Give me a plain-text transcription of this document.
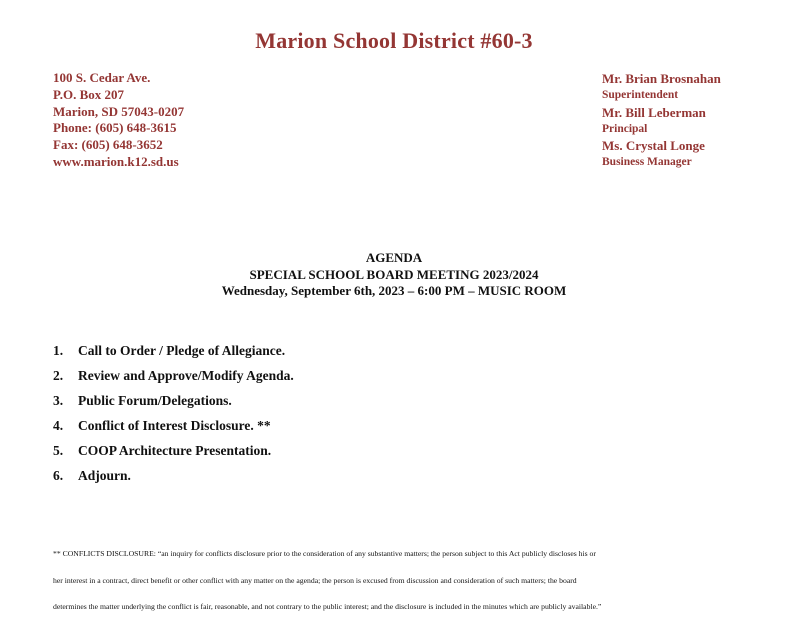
Marion School District #60-3
100 S. Cedar Ave.
P.O. Box 207
Marion, SD 57043-0207
Phone: (605) 648-3615
Fax: (605) 648-3652
www.marion.k12.sd.us
Mr. Brian Brosnahan
Superintendent
Mr. Bill Leberman
Principal
Ms. Crystal Longe
Business Manager
AGENDA
SPECIAL SCHOOL BOARD MEETING 2023/2024
Wednesday, September 6th, 2023 – 6:00 PM – MUSIC ROOM
1. Call to Order / Pledge of Allegiance.
2. Review and Approve/Modify Agenda.
3. Public Forum/Delegations.
4. Conflict of Interest Disclosure. **
5. COOP Architecture Presentation.
6. Adjourn.
** CONFLICTS DISCLOSURE: “an inquiry for conflicts disclosure prior to the consideration of any substantive matters; the person subject to this Act publicly discloses his or
her interest in a contract, direct benefit or other conflict with any matter on the agenda; the person is excused from discussion and consideration of such matters; the board
determines the matter underlying the conflict is fair, reasonable, and not contrary to the public interest; and the disclosure is included in the minutes which are publicly available.”
